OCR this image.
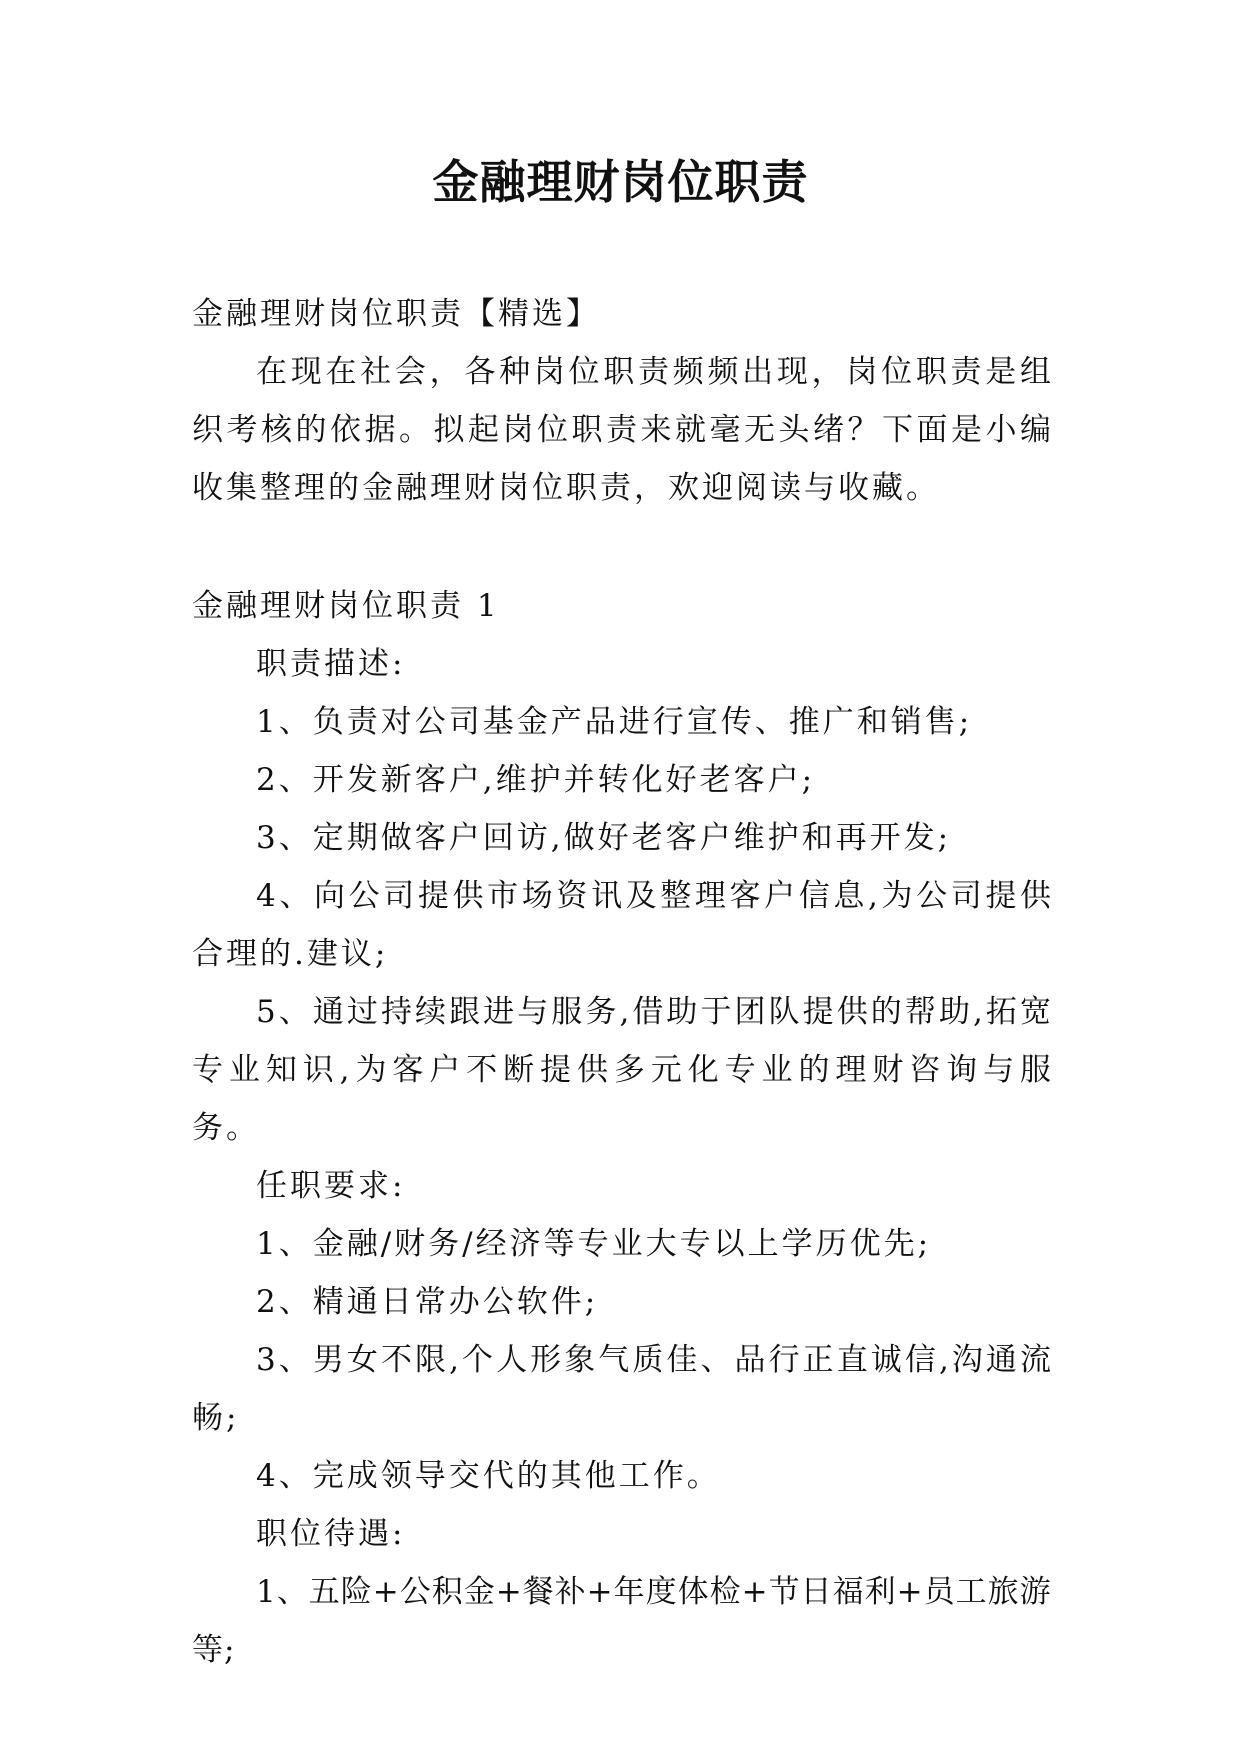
金融理财岗位职责

金融理财岗位职责【精选】

在现在社会，各种岗位职责频频出现，岗位职责是组织考核的依据。拟起岗位职责来就毫无头绪？下面是小编收集整理的金融理财岗位职责，欢迎阅读与收藏。

金融理财岗位职责 1

职责描述:

1、负责对公司基金产品进行宣传、推广和销售;

2、开发新客户,维护并转化好老客户;

3、定期做客户回访,做好老客户维护和再开发;

4、向公司提供市场资讯及整理客户信息,为公司提供合理的.建议;

5、通过持续跟进与服务,借助于团队提供的帮助,拓宽专业知识,为客户不断提供多元化专业的理财咨询与服务。

任职要求:

1、金融/财务/经济等专业大专以上学历优先;

2、精通日常办公软件;

3、男女不限,个人形象气质佳、品行正直诚信,沟通流畅;

4、完成领导交代的其他工作。

职位待遇:

1、五险+公积金+餐补+年度体检+节日福利+员工旅游等;
